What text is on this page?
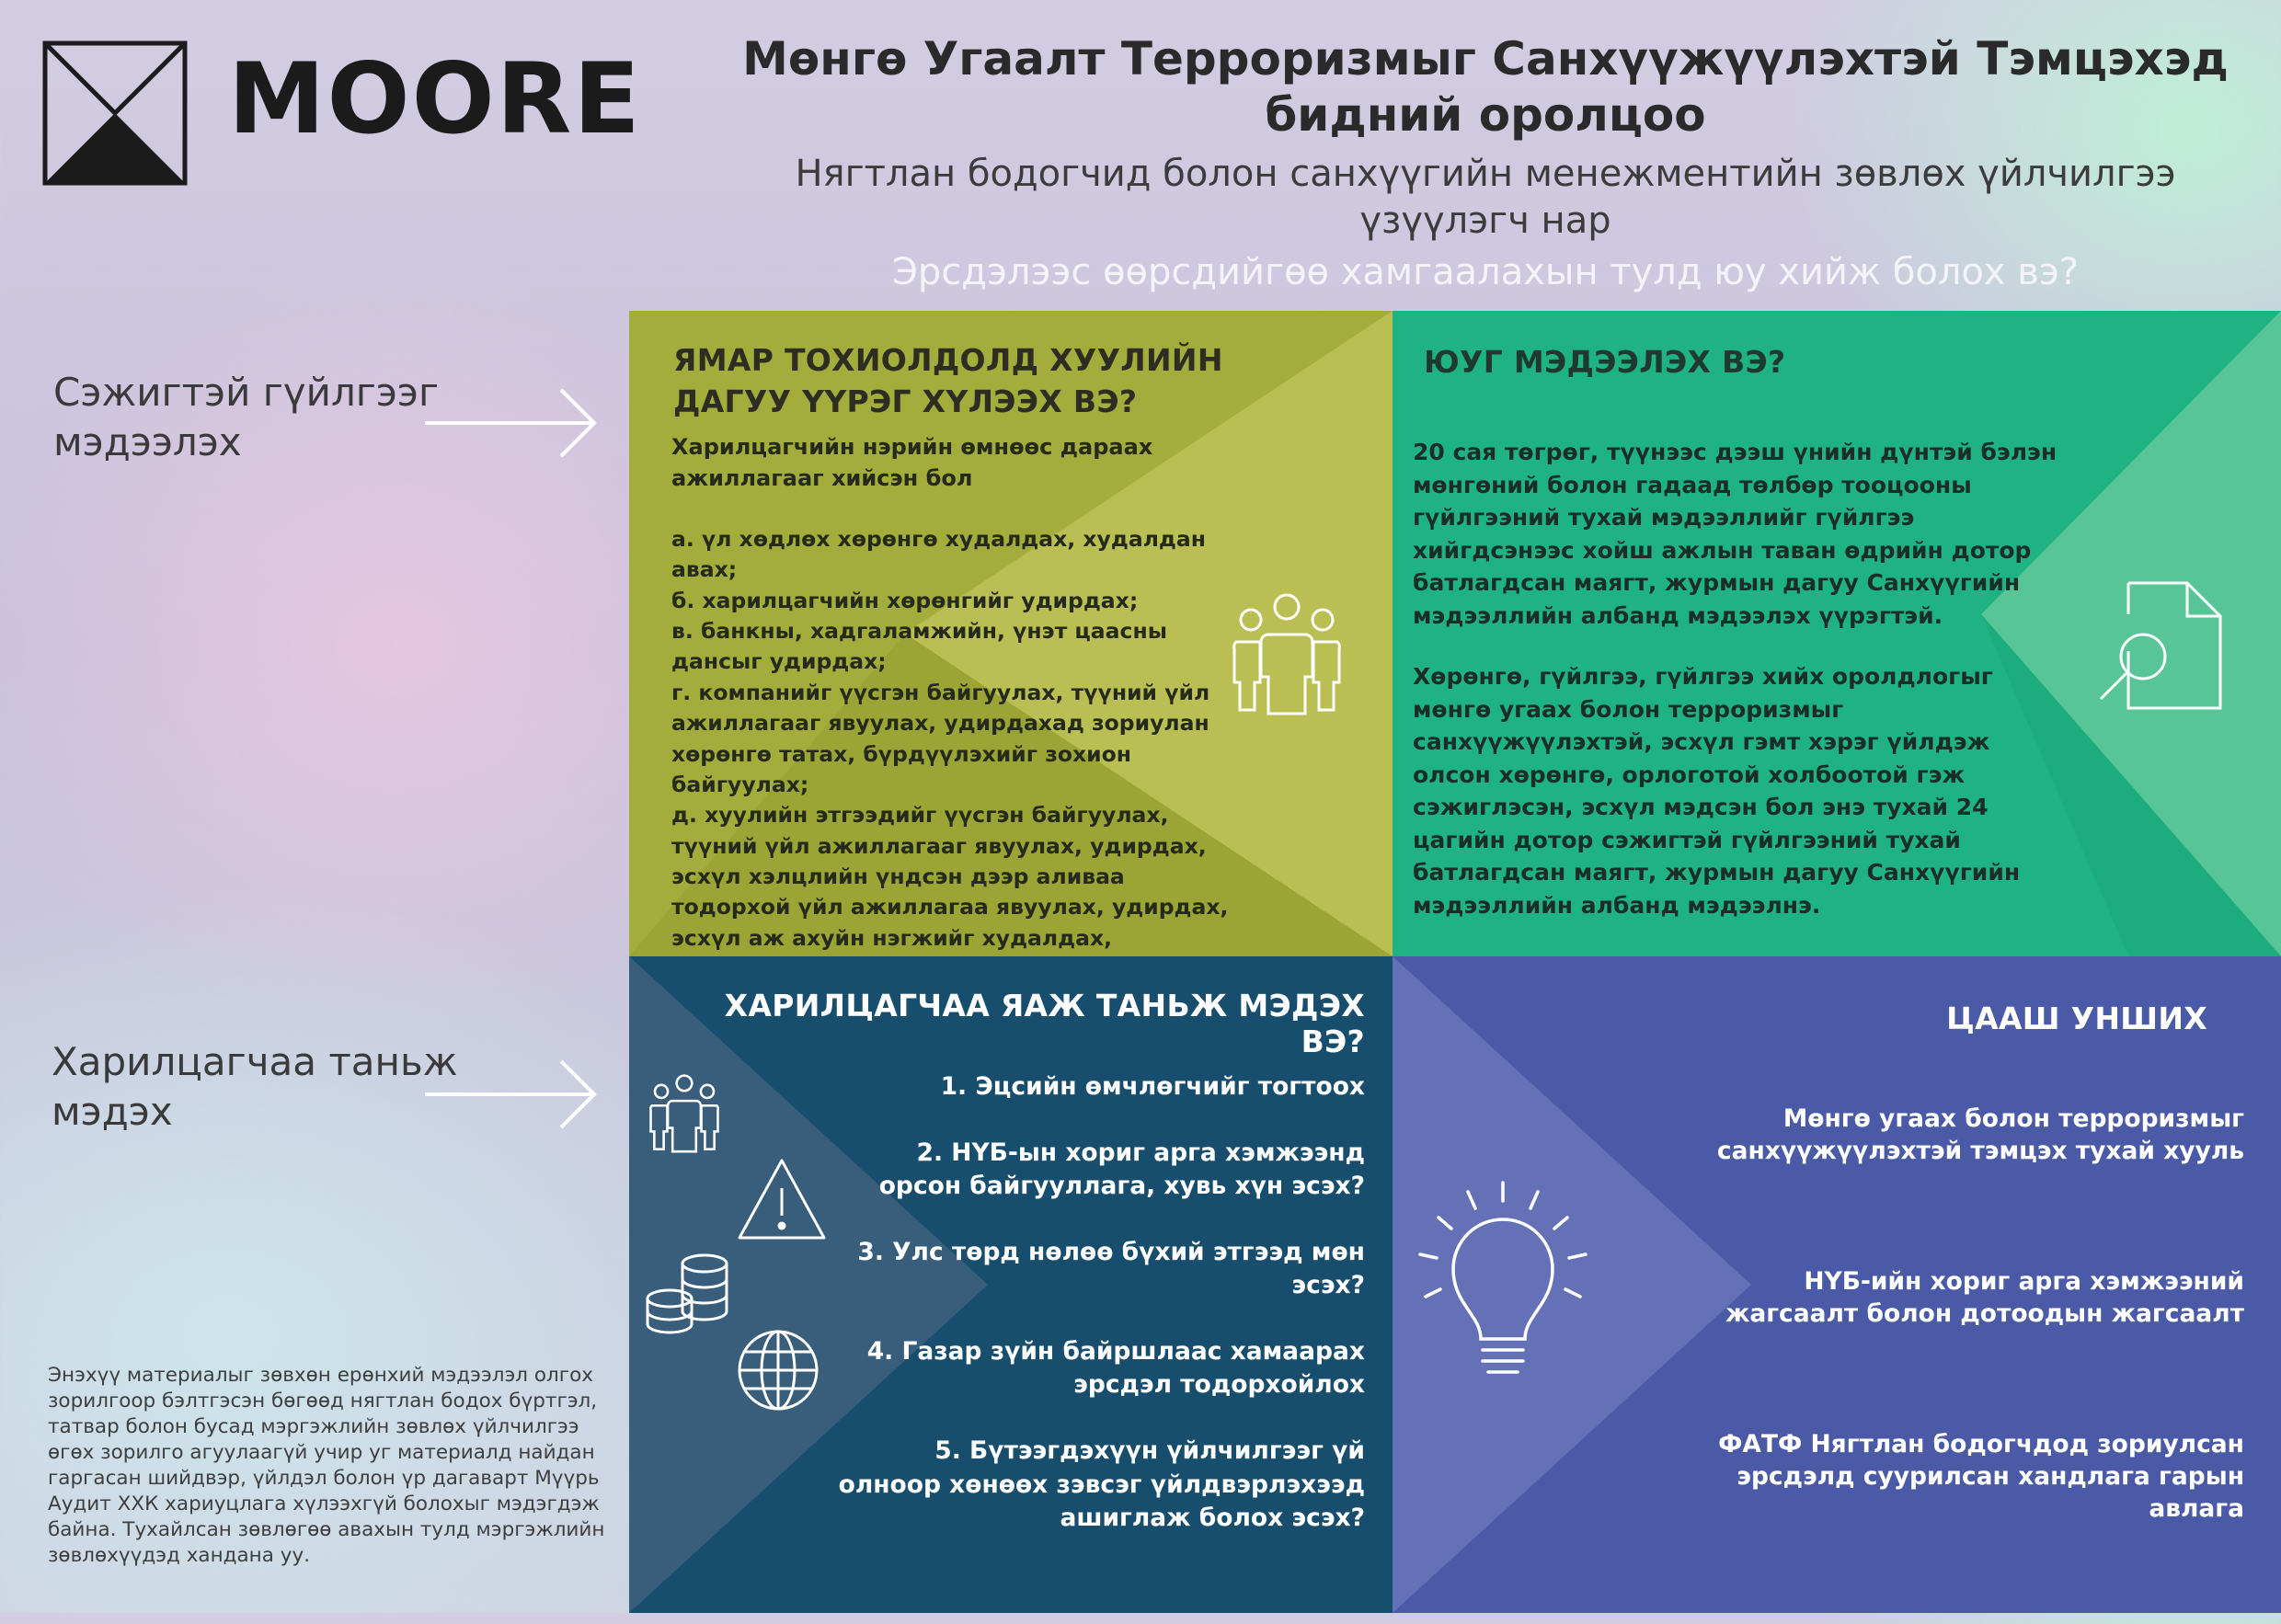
MOORE	Мөнгө Угаалт Терроризмыг Санхүүжүүлэхтэй Тэмцэхэд бидний оролцоо
Нягтлан бодогчид болон санхүүгийн менежментийн зөвлөх үйлчилгээ үзүүлэгч нар
Эрсдэлээс өөрсдийгөө хамгаалахын тулд юу хийж болох вэ?
Сэжигтэй гүйлгээг мэдээлэх
Харилцагчаа таньж мэдэх
Энэхүү материалыг зөвхөн ерөнхий мэдээлэл олгох зорилгоор бэлтгэсэн бөгөөд нягтлан бодох бүртгэл, татвар болон бусад мэргэжлийн зөвлөх үйлчилгээ өгөх зорилго агуулаагүй учир уг материалд найдан гаргасан шийдвэр, үйлдэл болон үр дагаварт Мүүрь Аудит ХХК хариуцлага хүлээхгүй болохыг мэдэгдэж байна. Тухайлсан зөвлөгөө авахын тулд мэргэжлийн зөвлөхүүдэд хандана уу.
ЯМАР ТОХИОЛДОЛД ХУУЛИЙН ДАГУУ ҮҮРЭГ ХҮЛЭЭХ ВЭ?
Харилцагчийн нэрийн өмнөөс дараах ажиллагааг хийсэн бол
а. үл хөдлөх хөрөнгө худалдах, худалдан авах;
б. харилцагчийн хөрөнгийг удирдах;
в. банкны, хадгаламжийн, үнэт цаасны дансыг удирдах;
г. компанийг үүсгэн байгуулах, түүний үйл ажиллагааг явуулах, удирдахад зориулан хөрөнгө татах, бүрдүүлэхийг зохион байгуулах;
д. хуулийн этгээдийг үүсгэн байгуулах, түүний үйл ажиллагааг явуулах, удирдах, эсхүл хэлцлийн үндсэн дээр аливаа тодорхой үйл ажиллагаа явуулах, удирдах, эсхүл аж ахуйн нэгжийг худалдах,
ЮУГ МЭДЭЭЛЭХ ВЭ?
20 сая төгрөг, түүнээс дээш үнийн дүнтэй бэлэн мөнгөний болон гадаад төлбөр тооцооны гүйлгээний тухай мэдээллийг гүйлгээ хийгдсэнээс хойш ажлын таван өдрийн дотор батлагдсан маягт, журмын дагуу Санхүүгийн мэдээллийн албанд мэдээлэх үүрэгтэй.
Хөрөнгө, гүйлгээ, гүйлгээ хийх оролдлогыг мөнгө угаах болон терроризмыг санхүүжүүлэхтэй, эсхүл гэмт хэрэг үйлдэж олсон хөрөнгө, орлоготой холбоотой гэж сэжиглэсэн, эсхүл мэдсэн бол энэ тухай 24 цагийн дотор сэжигтэй гүйлгээний тухай батлагдсан маягт, журмын дагуу Санхүүгийн мэдээллийн албанд мэдээлнэ.
ХАРИЛЦАГЧАА ЯАЖ ТАНЬЖ МЭДЭХ ВЭ?
1. Эцсийн өмчлөгчийг тогтоох
2. НҮБ-ын хориг арга хэмжээнд орсон байгууллага, хувь хүн эсэх?
3. Улс төрд нөлөө бүхий этгээд мөн эсэх?
4. Газар зүйн байршлаас хамаарах эрсдэл тодорхойлох
5. Бүтээгдэхүүн үйлчилгээг үй олноор хөнөөх зэвсэг үйлдвэрлэхээд ашиглаж болох эсэх?
ЦААШ УНШИХ
Мөнгө угаах болон терроризмыг санхүүжүүлэхтэй тэмцэх тухай хууль
НҮБ-ийн хориг арга хэмжээний жагсаалт болон дотоодын жагсаалт
ФАТФ Нягтлан бодогчдод зориулсан эрсдэлд суурилсан хандлага гарын авлага
